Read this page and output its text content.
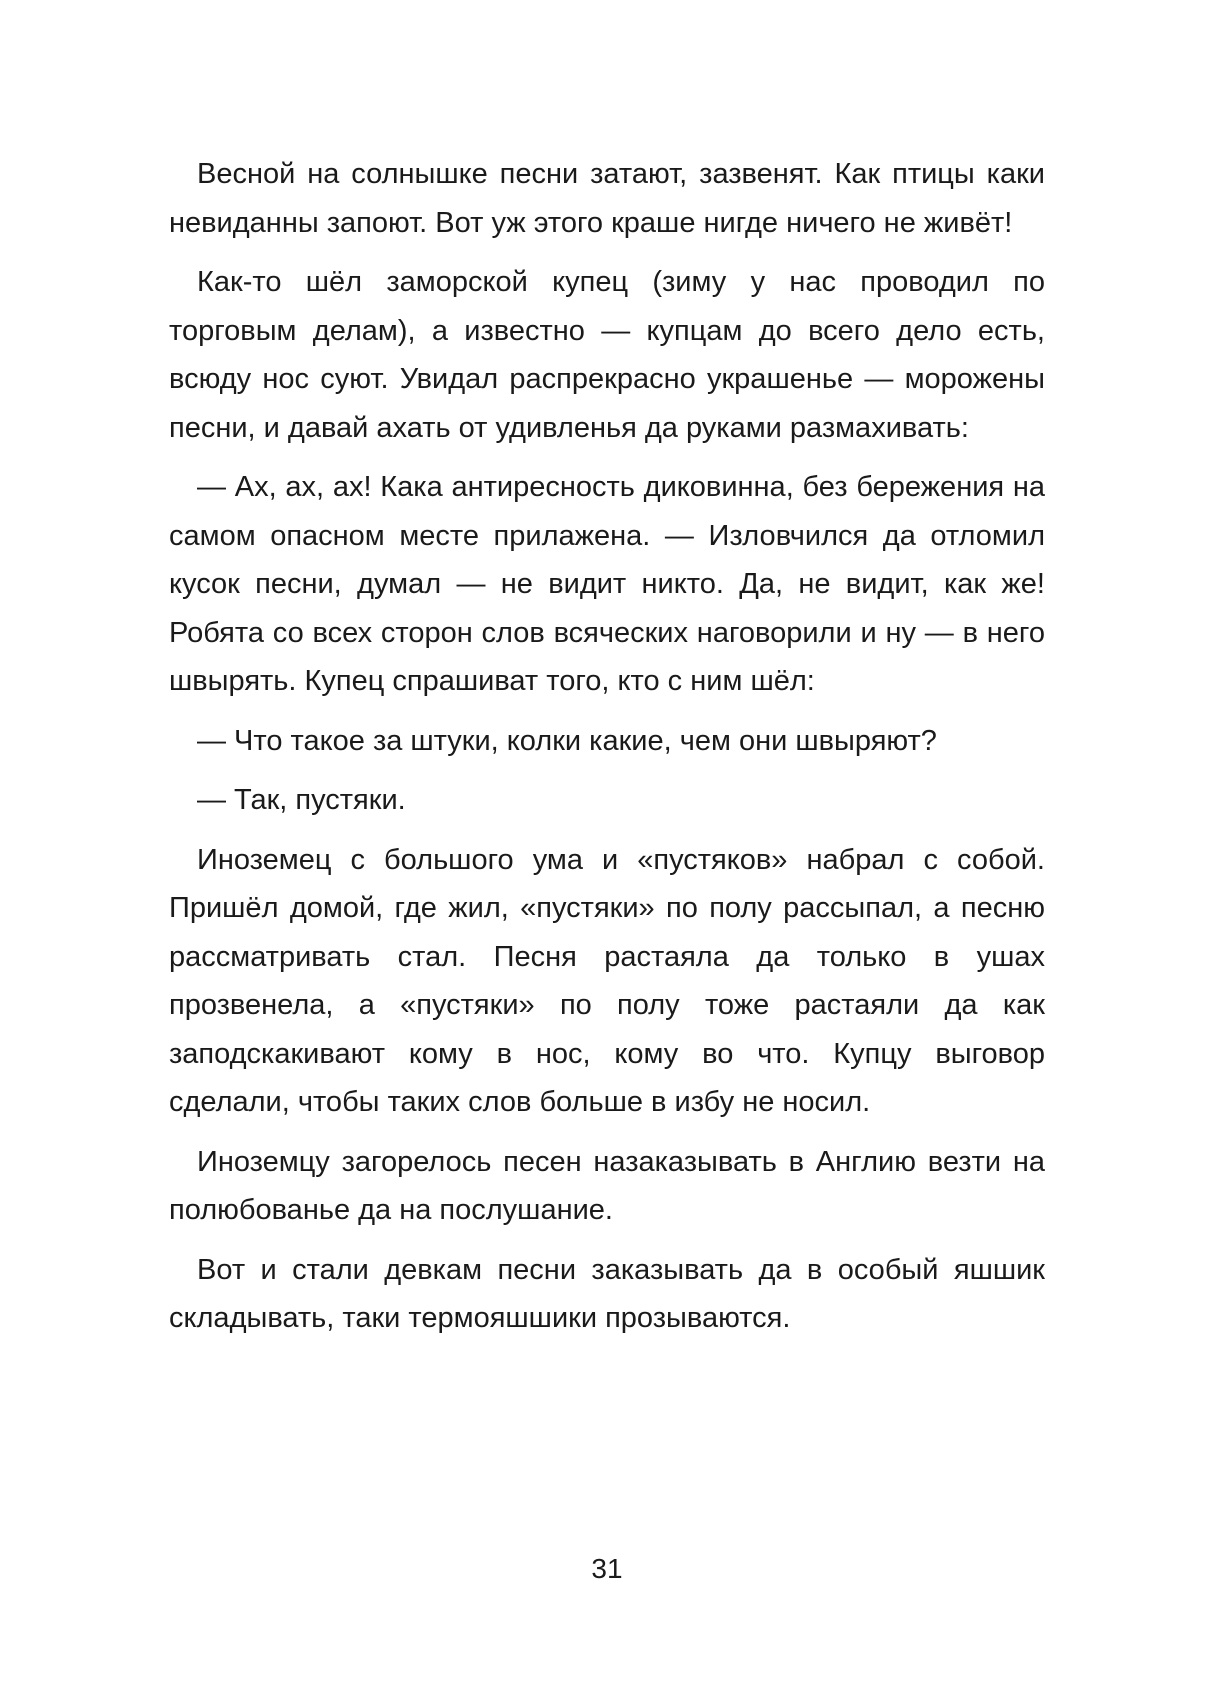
Весной на солнышке песни затают, зазвенят. Как птицы каки невиданны запоют. Вот уж этого краше нигде ничего не живёт!

Как-то шёл заморской купец (зиму у нас проводил по торговым делам), а известно — купцам до всего дело есть, всюду нос суют. Увидал распрекрасно украшенье — морожены песни, и давай ахать от удивленья да руками размахивать:

— Ах, ах, ах! Кака антиресность диковинна, без бережения на самом опасном месте прилажена. — Изловчился да отломил кусок песни, думал — не видит никто. Да, не видит, как же! Робята со всех сторон слов всяческих наговорили и ну — в него швырять. Купец спрашиват того, кто с ним шёл:

— Что такое за штуки, колки какие, чем они швыряют?

— Так, пустяки.

Иноземец с большого ума и «пустяков» набрал с собой. Пришёл домой, где жил, «пустяки» по полу рассыпал, а песню рассматривать стал. Песня растаяла да только в ушах прозвенела, а «пустяки» по полу тоже растаяли да как заподскакивают кому в нос, кому во что. Купцу выговор сделали, чтобы таких слов больше в избу не носил.

Иноземцу загорелось песен назаказывать в Англию везти на полюбованье да на послушание.

Вот и стали девкам песни заказывать да в особый яшшик складывать, таки термояшшики прозываются.

31
